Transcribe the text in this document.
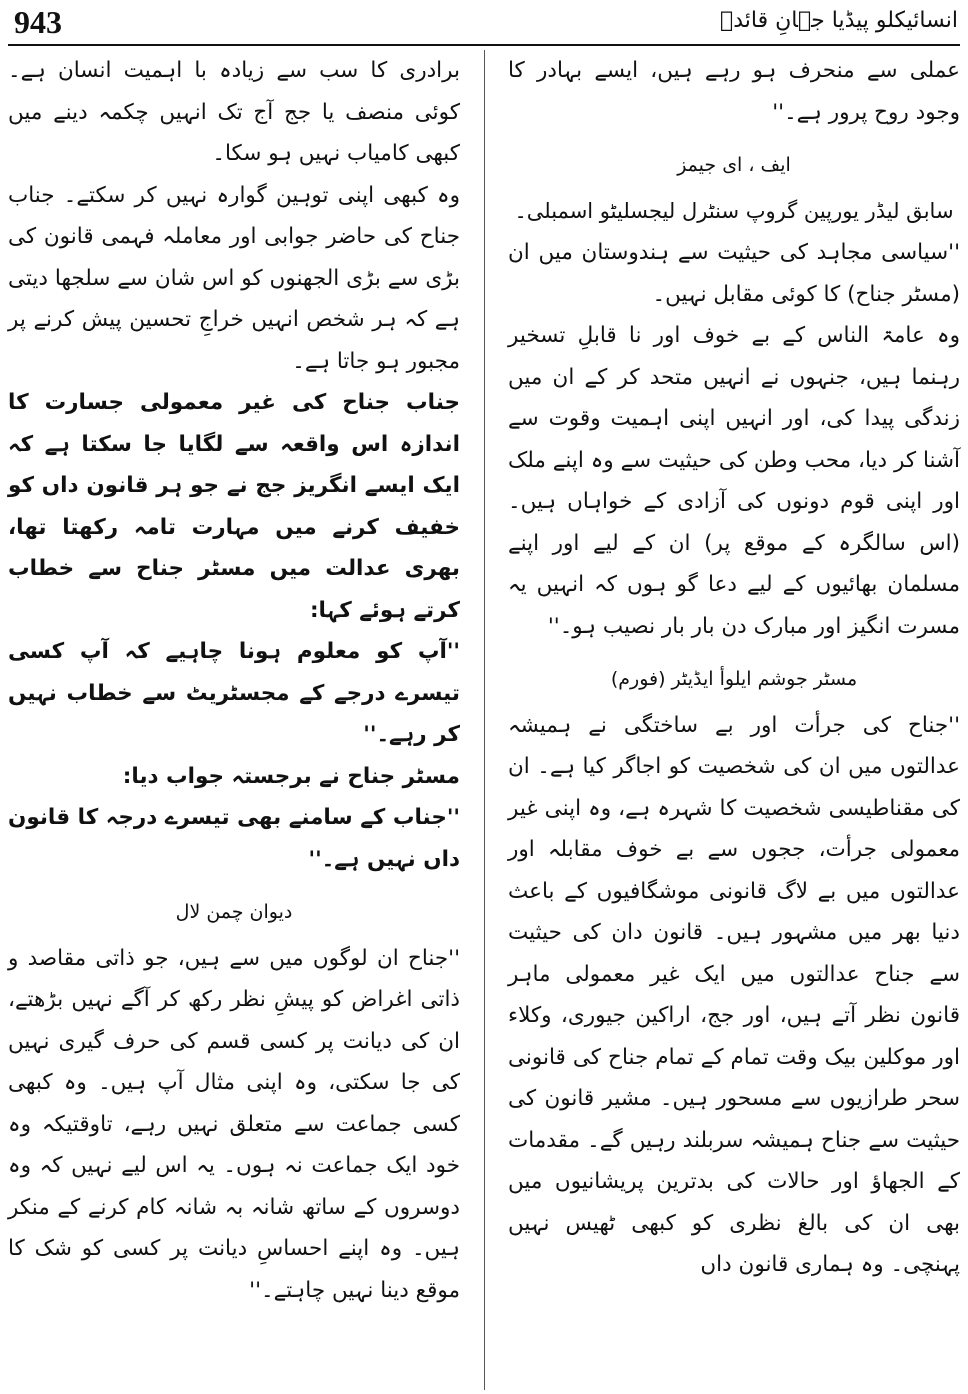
943	انسائیکلو پیڈیا جہانِ قائدؒ

عملی سے منحرف ہو رہے ہیں، ایسے بہادر کا وجود روح پرور ہے۔''

ایف ، ای جیمز

سابق لیڈر یورپین گروپ سنٹرل لیجسلیٹو اسمبلی۔

''سیاسی مجاہد کی حیثیت سے ہندوستان میں ان (مسٹر جناح) کا کوئی مقابل نہیں۔

وہ عامۃ الناس کے بے خوف اور نا قابلِ تسخیر رہنما ہیں، جنہوں نے انہیں متحد کر کے ان میں زندگی پیدا کی، اور انہیں اپنی اہمیت وقوت سے آشنا کر دیا، محب وطن کی حیثیت سے وہ اپنے ملک اور اپنی قوم دونوں کی آزادی کے خواہاں ہیں۔ (اس سالگرہ کے موقع پر) ان کے لیے اور اپنے مسلمان بھائیوں کے لیے دعا گو ہوں کہ انہیں یہ مسرت انگیز اور مبارک دن بار بار نصیب ہو۔''

مسٹر جوشم ایلوأ ایڈیٹر (فورم)

''جناح کی جرأت اور بے ساختگی نے ہمیشہ عدالتوں میں ان کی شخصیت کو اجاگر کیا ہے۔ ان کی مقناطیسی شخصیت کا شہرہ ہے، وہ اپنی غیر معمولی جرأت، ججوں سے بے خوف مقابلہ اور عدالتوں میں بے لاگ قانونی موشگافیوں کے باعث دنیا بھر میں مشہور ہیں۔ قانون دان کی حیثیت سے جناح عدالتوں میں ایک غیر معمولی ماہر قانون نظر آتے ہیں، اور جج، اراکین جیوری، وکلاء اور موکلین بیک وقت تمام کے تمام جناح کی قانونی سحر طرازیوں سے مسحور ہیں۔ مشیر قانون کی حیثیت سے جناح ہمیشہ سربلند رہیں گے۔ مقدمات کے الجھاؤ اور حالات کی بدترین پریشانیوں میں بھی ان کی بالغ نظری کو کبھی ٹھیس نہیں پہنچی۔ وہ ہماری قانون داں

برادری کا سب سے زیادہ با اہمیت انسان ہے۔ کوئی منصف یا جج آج تک انہیں چکمہ دینے میں کبھی کامیاب نہیں ہو سکا۔

وہ کبھی اپنی توہین گوارہ نہیں کر سکتے۔ جناب جناح کی حاضر جوابی اور معاملہ فہمی قانون کی بڑی سے بڑی الجھنوں کو اس شان سے سلجھا دیتی ہے کہ ہر شخص انہیں خراجِ تحسین پیش کرنے پر مجبور ہو جاتا ہے۔

جناب جناح کی غیر معمولی جسارت کا اندازہ اس واقعہ سے لگایا جا سکتا ہے کہ ایک ایسے انگریز جج نے جو ہر قانون داں کو خفیف کرنے میں مہارت تامہ رکھتا تھا، بھری عدالت میں مسٹر جناح سے خطاب کرتے ہوئے کہا:

''آپ کو معلوم ہونا چاہیے کہ آپ کسی تیسرے درجے کے مجسٹریٹ سے خطاب نہیں کر رہے۔''

مسٹر جناح نے برجستہ جواب دیا:

''جناب کے سامنے بھی تیسرے درجہ کا قانون داں نہیں ہے۔''

دیوان چمن لال

''جناح ان لوگوں میں سے ہیں، جو ذاتی مقاصد و ذاتی اغراض کو پیشِ نظر رکھ کر آگے نہیں بڑھتے، ان کی دیانت پر کسی قسم کی حرف گیری نہیں کی جا سکتی، وہ اپنی مثال آپ ہیں۔ وہ کبھی کسی جماعت سے متعلق نہیں رہے، تاوقتیکہ وہ خود ایک جماعت نہ ہوں۔ یہ اس لیے نہیں کہ وہ دوسروں کے ساتھ شانہ بہ شانہ کام کرنے کے منکر ہیں۔ وہ اپنے احساسِ دیانت پر کسی کو شک کا موقع دینا نہیں چاہتے۔''
